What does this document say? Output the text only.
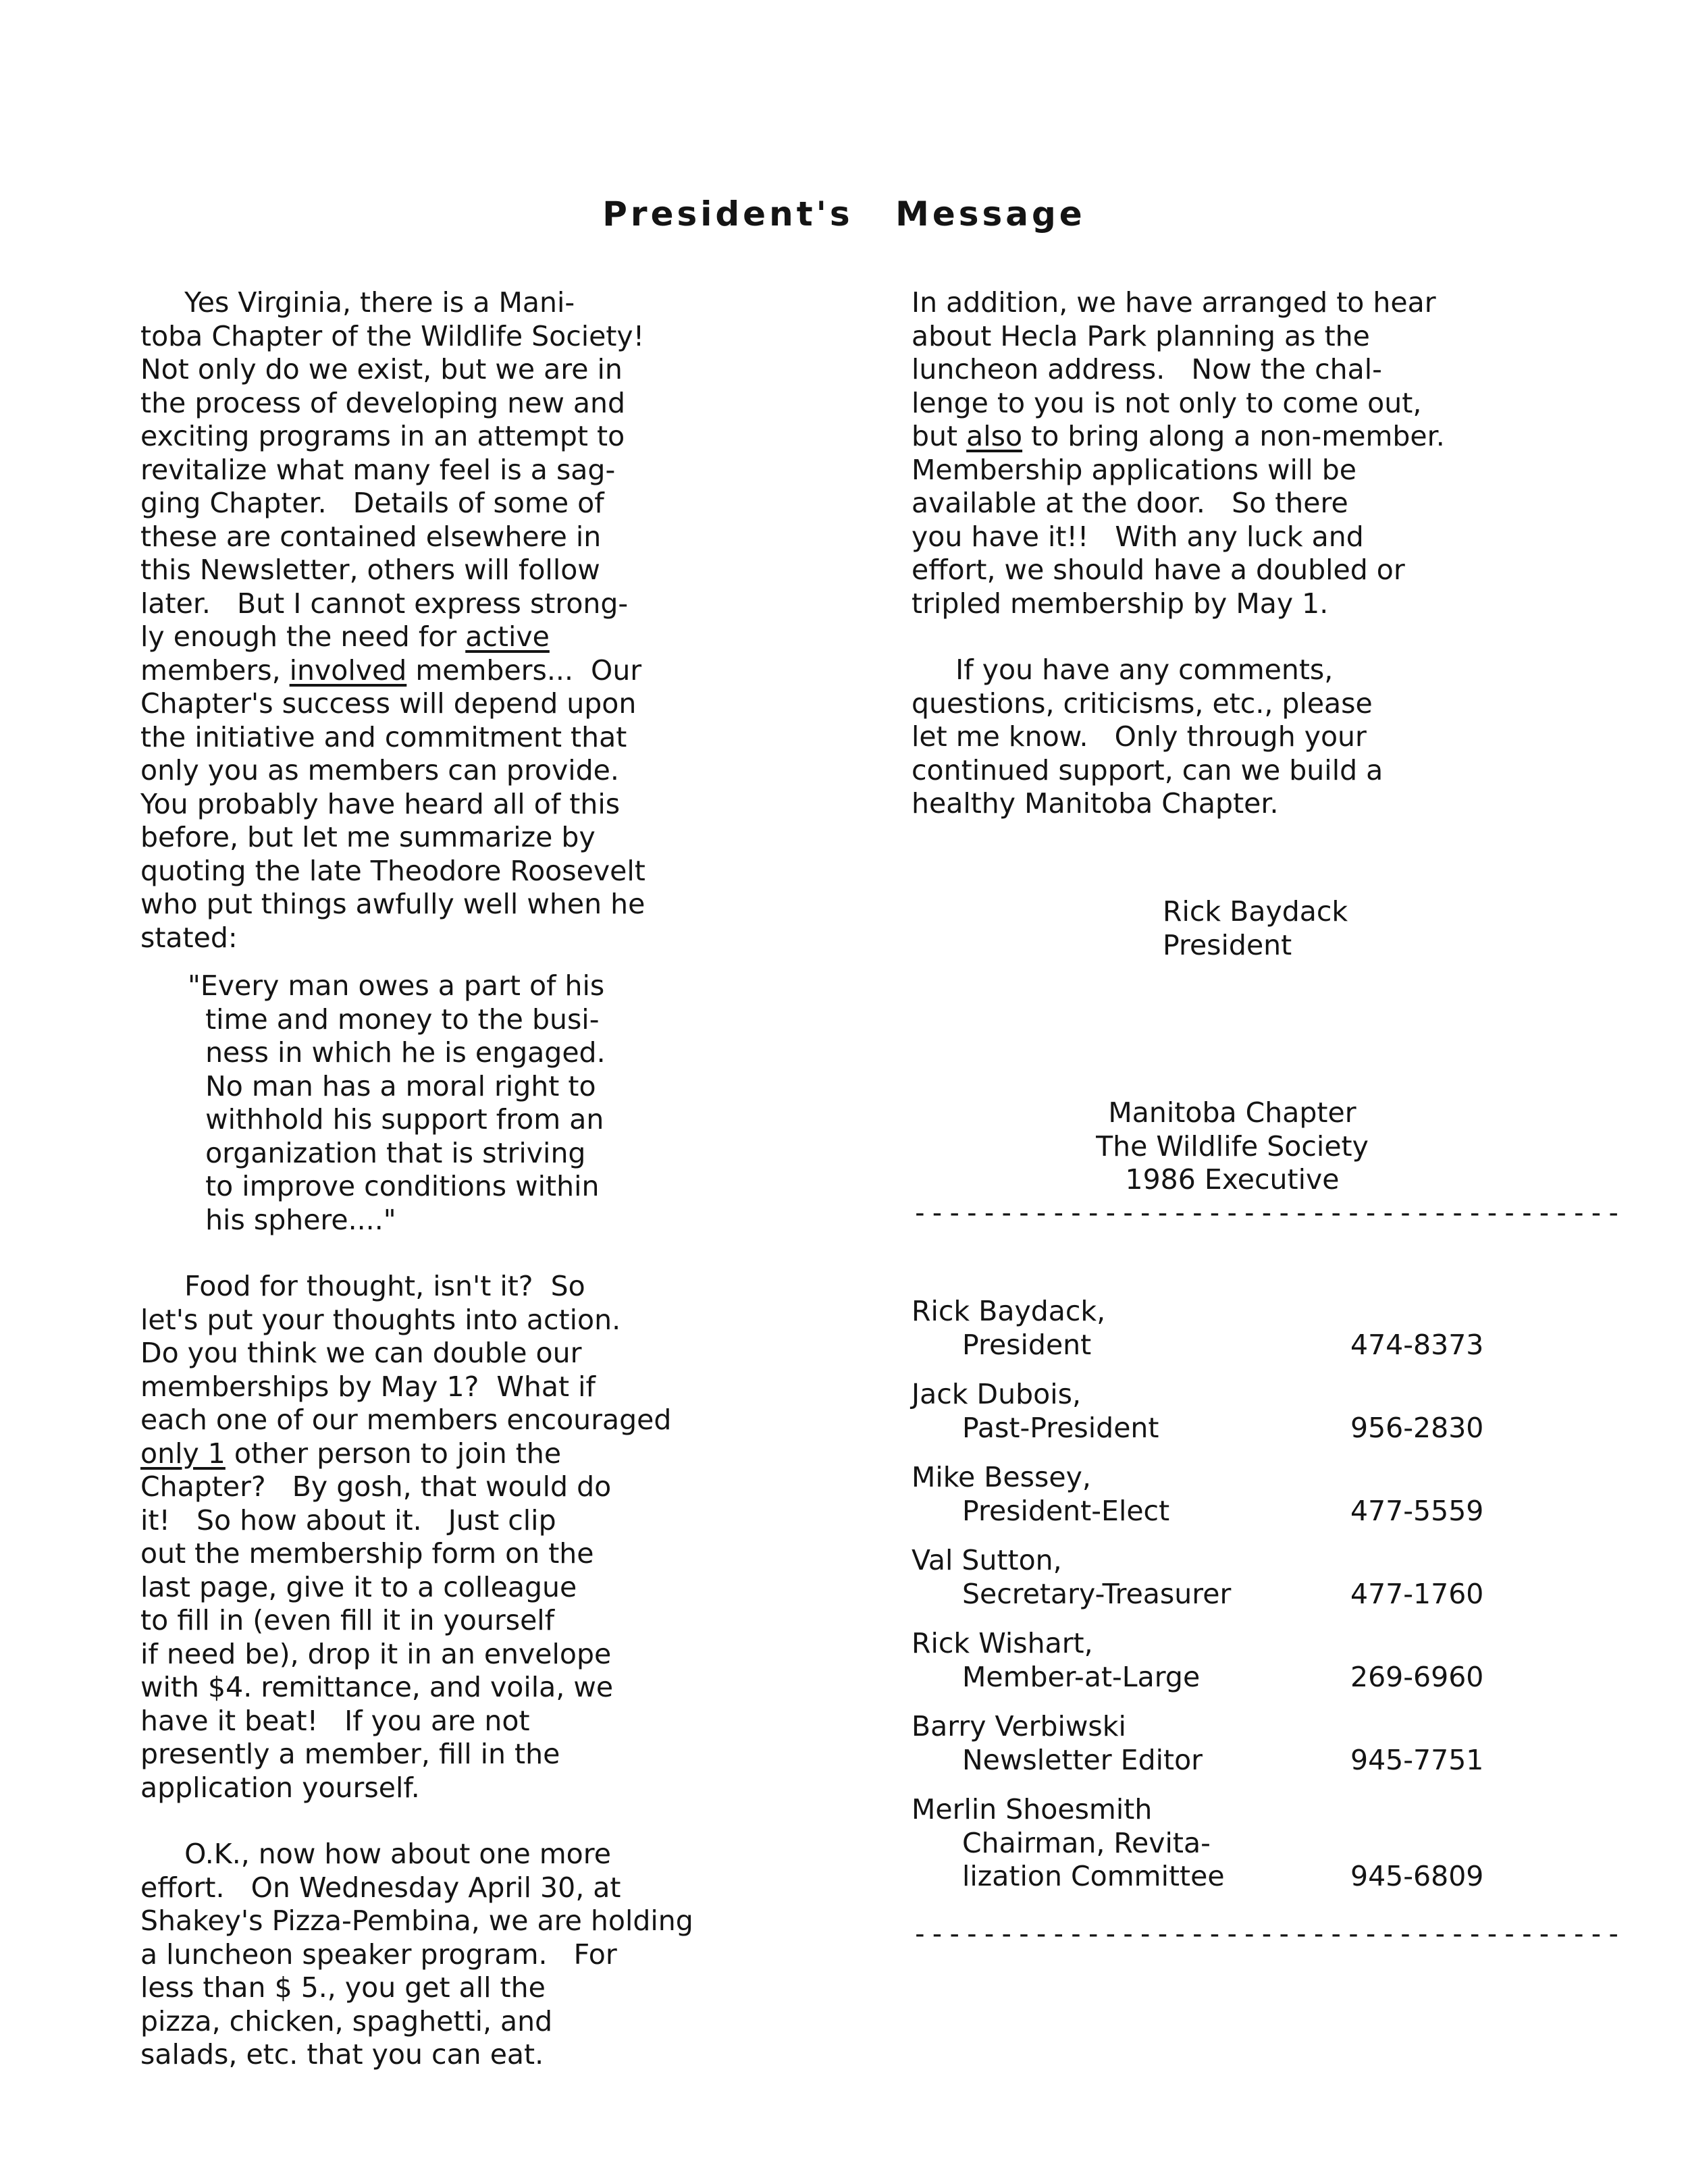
President's Message

Yes Virginia, there is a Mani-

toba Chapter of the Wildlife Society!

Not only do we exist, but we are in

the process of developing new and

exciting programs in an attempt to

revitalize what many feel is a sag-

ging Chapter.   Details of some of

these are contained elsewhere in

this Newsletter, others will follow

later.   But I cannot express strong-

ly enough the need for active

members, involved members...  Our

Chapter's success will depend upon

the initiative and commitment that

only you as members can provide.

You probably have heard all of this

before, but let me summarize by

quoting the late Theodore Roosevelt

who put things awfully well when he

stated:

"Every man owes a part of his

time and money to the busi-

ness in which he is engaged.

No man has a moral right to

withhold his support from an

organization that is striving

to improve conditions within

his sphere...."

Food for thought, isn't it?  So

let's put your thoughts into action.

Do you think we can double our

memberships by May 1?  What if

each one of our members encouraged

only 1 other person to join the

Chapter?   By gosh, that would do

it!   So how about it.   Just clip

out the membership form on the

last page, give it to a colleague

to fill in (even fill it in yourself

if need be), drop it in an envelope

with $4. remittance, and voila, we

have it beat!   If you are not

presently a member, fill in the

application yourself.

O.K., now how about one more

effort.   On Wednesday April 30, at

Shakey's Pizza-Pembina, we are holding

a luncheon speaker program.   For

less than $ 5., you get all the

pizza, chicken, spaghetti, and

salads, etc. that you can eat.

In addition, we have arranged to hear

about Hecla Park planning as the

luncheon address.   Now the chal-

lenge to you is not only to come out,

but also to bring along a non-member.

Membership applications will be

available at the door.   So there

you have it!!   With any luck and

effort, we should have a doubled or

tripled membership by May 1.

If you have any comments,

questions, criticisms, etc., please

let me know.   Only through your

continued support, can we build a

healthy Manitoba Chapter.

Rick Baydack
President
Manitoba Chapter
The Wildlife Society
1986 Executive
-----------------------------------------
Rick Baydack,
President	474-8373
Jack Dubois,
Past-President	956-2830
Mike Bessey,
President-Elect	477-5559
Val Sutton,
Secretary-Treasurer	477-1760
Rick Wishart,
Member-at-Large	269-6960
Barry Verbiwski
Newsletter Editor	945-7751
Merlin Shoesmith
Chairman, Revita-
lization Committee	945-6809
-----------------------------------------
